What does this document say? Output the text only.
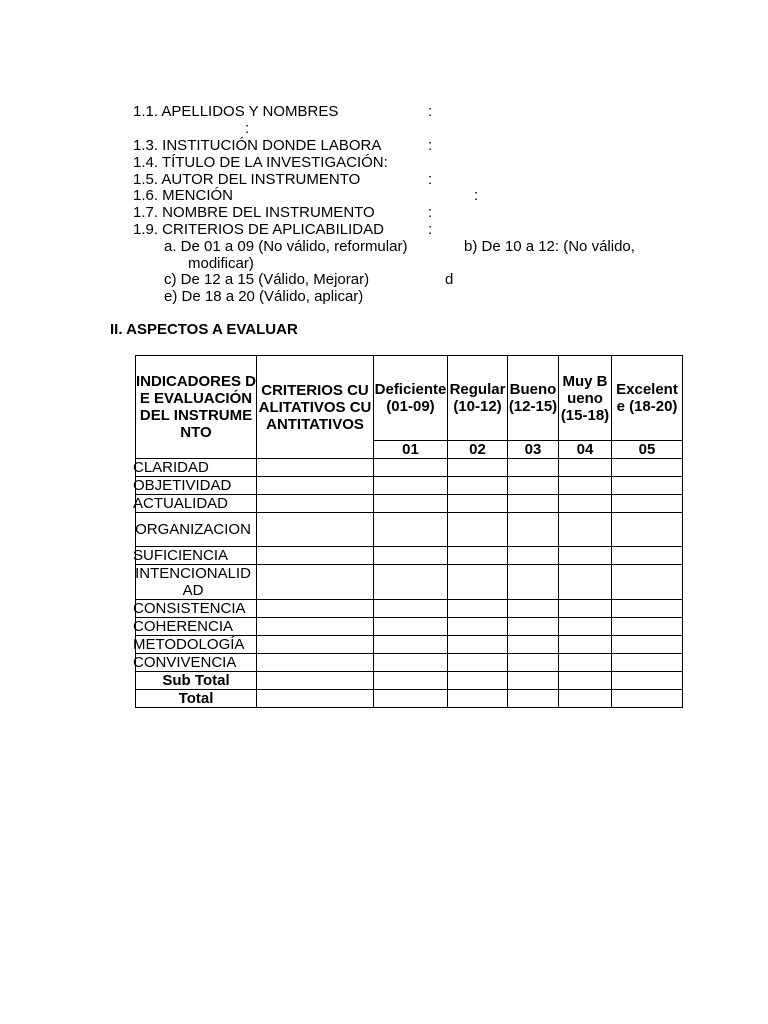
1.1. APELLIDOS Y NOMBRES	:
:
1.3. INSTITUCIÓN DONDE LABORA	:
1.4. TÍTULO DE LA INVESTIGACIÓN:
1.5. AUTOR DEL INSTRUMENTO	:
1.6. MENCIÓN	:
1.7. NOMBRE DEL INSTRUMENTO	:
1.9. CRITERIOS DE APLICABILIDAD	:
a. De 01 a 09 (No válido, reformular)	b) De 10 a 12: (No válido,
modificar)
c) De 12 a 15 (Válido, Mejorar)	d
e) De 18 a 20 (Válido, aplicar)
II. ASPECTOS A EVALUAR
INDICADORES DE EVALUACIÓN DEL INSTRUMENTO	CRITERIOS CUALITATIVOS CUANTITATIVOS	Deficiente (01-09)	Regular (10-12)	Bueno (12-15)	Muy Bueno (15-18)	Excelente (18-20)

		01	02	03	04	05
CLARIDAD						
OBJETIVIDAD						
ACTUALIDAD						
ORGANIZACION						
SUFICIENCIA						
INTENCIONALIDAD						
CONSISTENCIA						
COHERENCIA						
METODOLOGÍA						
CONVIVENCIA						
Sub Total						
Total						
